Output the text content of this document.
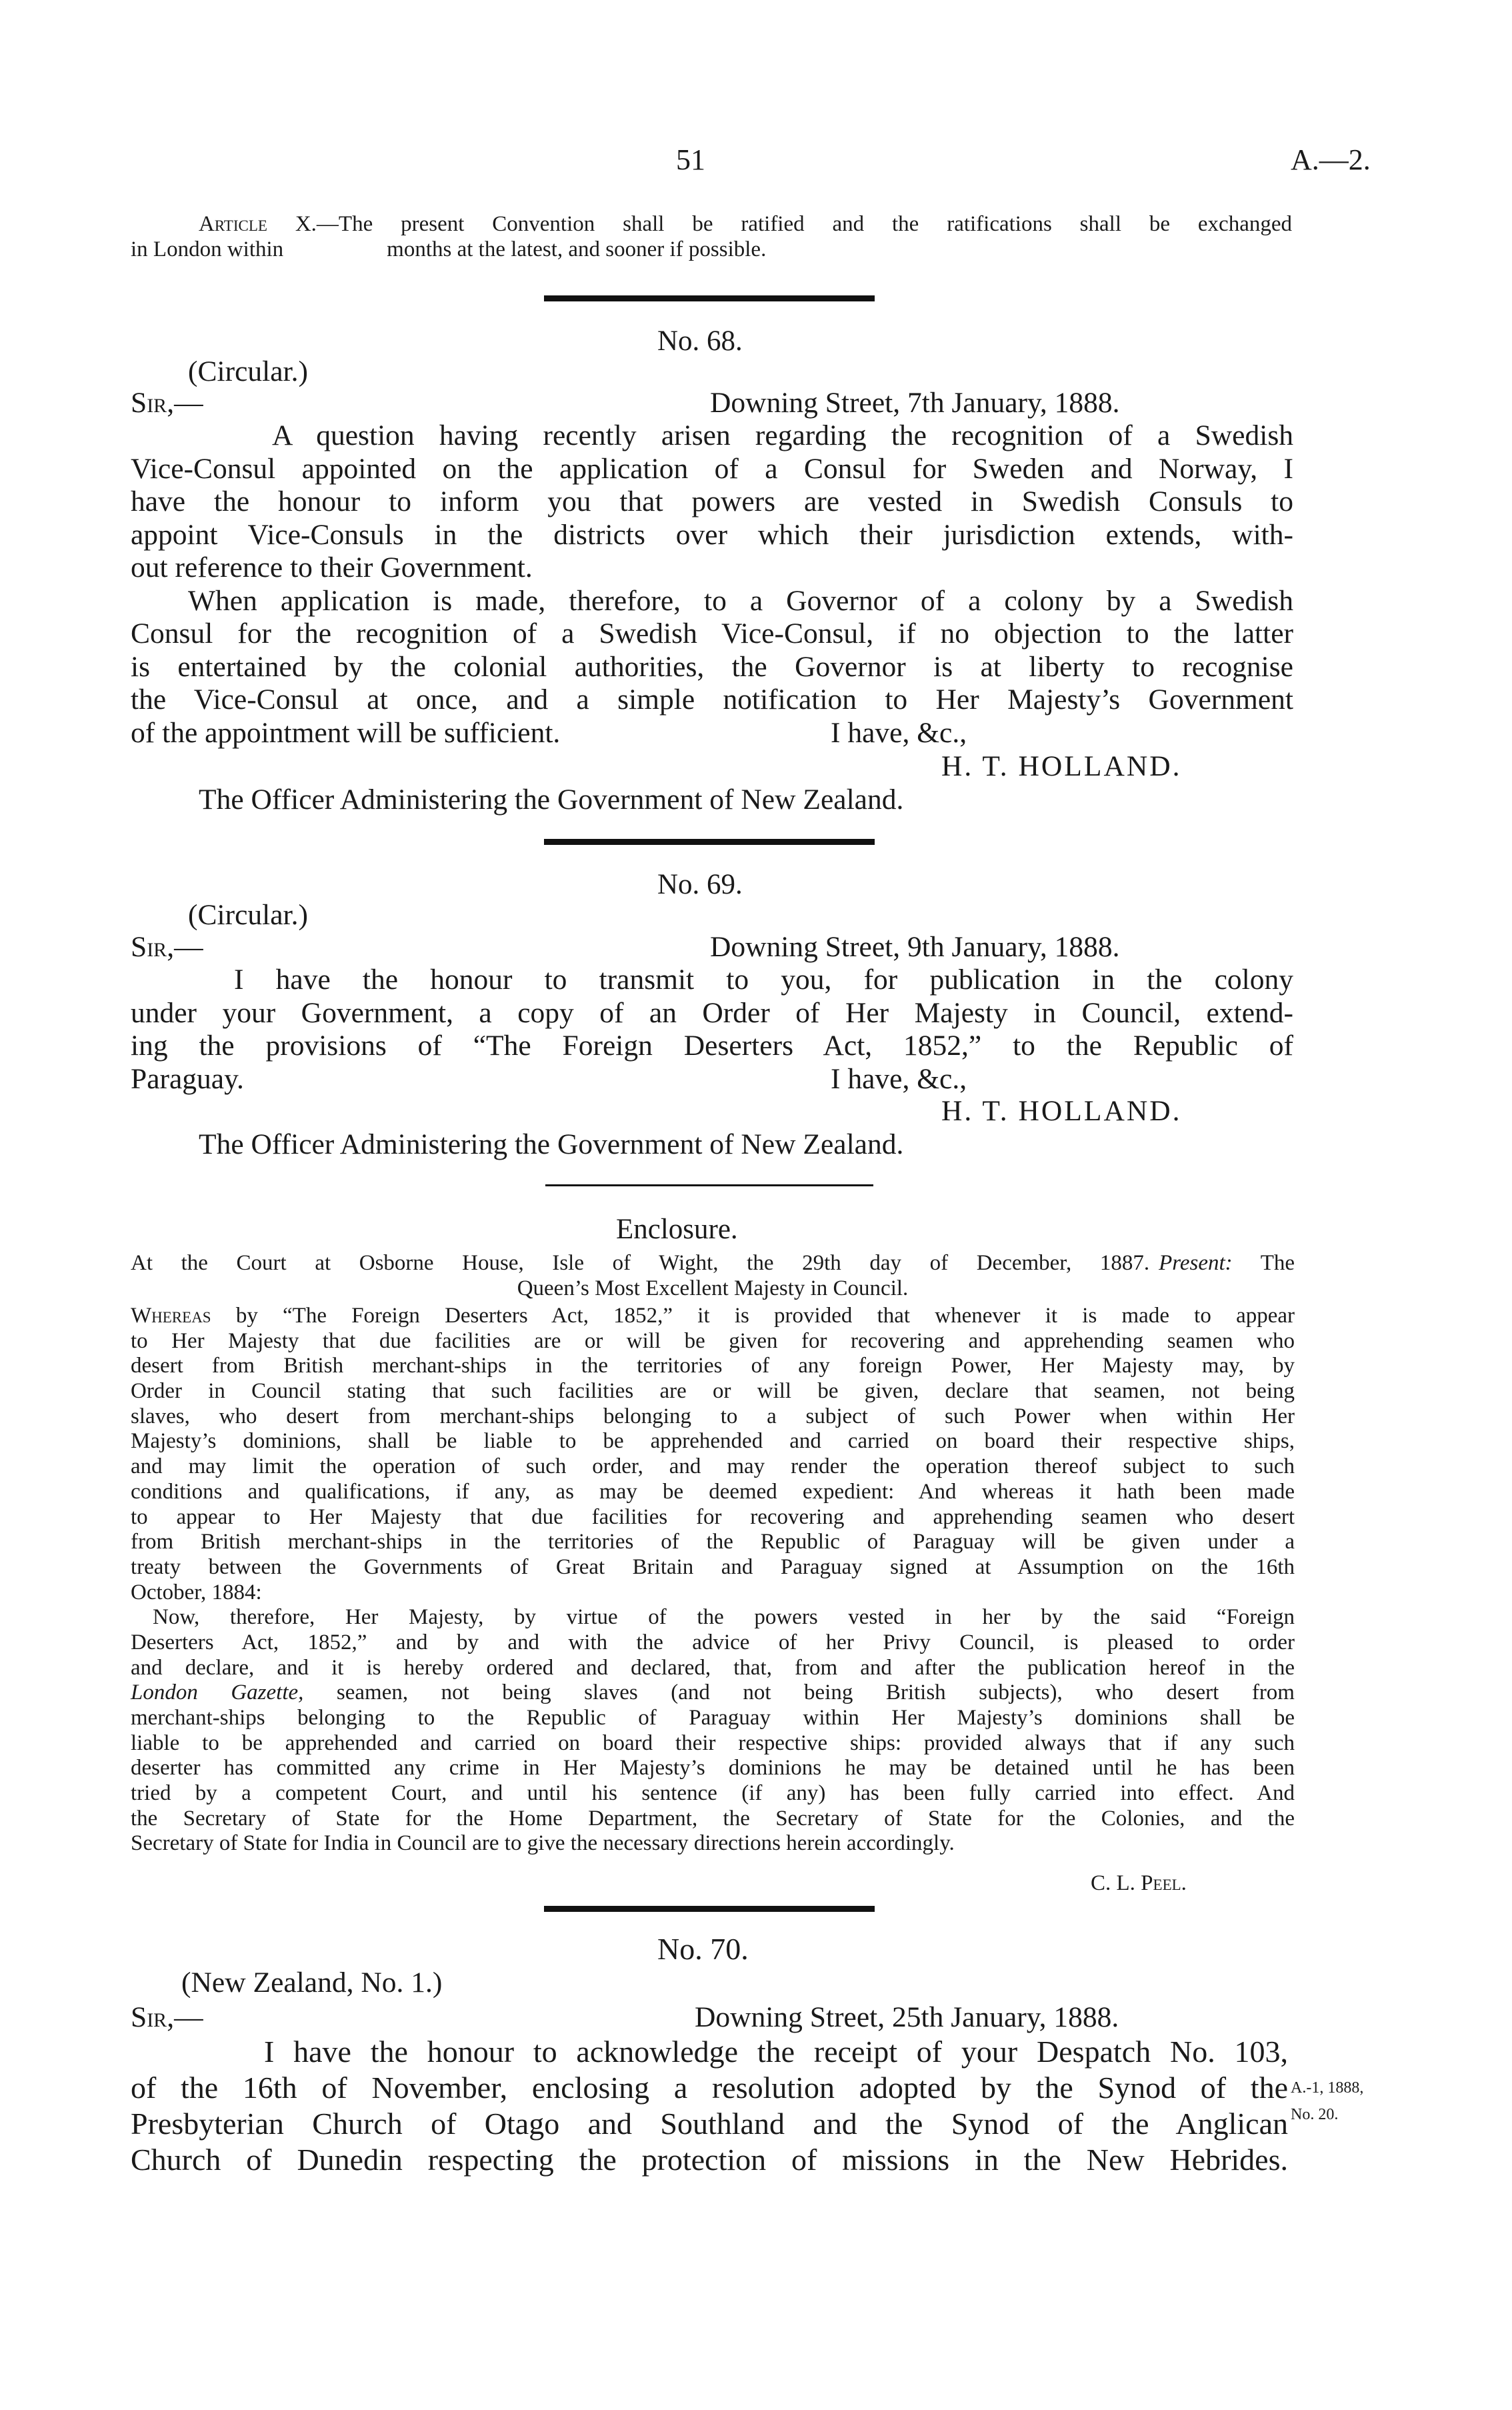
51	A.—2.
Article X.—The present Convention shall be ratified and the ratifications shall be exchanged
in London within	months at the latest, and sooner if possible.
No. 68.
(Circular.)
Sir,—	Downing Street, 7th January, 1888.
A question having recently arisen regarding the recognition of a Swedish
Vice-Consul appointed on the application of a Consul for Sweden and Norway, I
have the honour to inform you that powers are vested in Swedish Consuls to
appoint Vice-Consuls in the districts over which their jurisdiction extends, with-
out reference to their Government.
When application is made, therefore, to a Governor of a colony by a Swedish
Consul for the recognition of a Swedish Vice-Consul, if no objection to the latter
is entertained by the colonial authorities, the Governor is at liberty to recognise
the Vice-Consul at once, and a simple notification to Her Majesty’s Government
of the appointment will be sufficient.	I have, &c.,
H. T. HOLLAND.
The Officer Administering the Government of New Zealand.
No. 69.
(Circular.)
Sir,—	Downing Street, 9th January, 1888.
I have the honour to transmit to you, for publication in the colony
under your Government, a copy of an Order of Her Majesty in Council, extend-
ing the provisions of “The Foreign Deserters Act, 1852,” to the Republic of
Paraguay.	I have, &c.,
H. T. HOLLAND.
The Officer Administering the Government of New Zealand.
Enclosure.
At the Court at Osborne House, Isle of Wight, the 29th day of December, 1887. Present: The
Queen’s Most Excellent Majesty in Council.
Whereas by “The Foreign Deserters Act, 1852,” it is provided that whenever it is made to appear
to Her Majesty that due facilities are or will be given for recovering and apprehending seamen who
desert from British merchant-ships in the territories of any foreign Power, Her Majesty may, by
Order in Council stating that such facilities are or will be given, declare that seamen, not being
slaves, who desert from merchant-ships belonging to a subject of such Power when within Her
Majesty’s dominions, shall be liable to be apprehended and carried on board their respective ships,
and may limit the operation of such order, and may render the operation thereof subject to such
conditions and qualifications, if any, as may be deemed expedient: And whereas it hath been made
to appear to Her Majesty that due facilities for recovering and apprehending seamen who desert
from British merchant-ships in the territories of the Republic of Paraguay will be given under a
treaty between the Governments of Great Britain and Paraguay signed at Assumption on the 16th
October, 1884:
Now, therefore, Her Majesty, by virtue of the powers vested in her by the said “Foreign
Deserters Act, 1852,” and by and with the advice of her Privy Council, is pleased to order
and declare, and it is hereby ordered and declared, that, from and after the publication hereof in the
London Gazette, seamen, not being slaves (and not being British subjects), who desert from
merchant-ships belonging to the Republic of Paraguay within Her Majesty’s dominions shall be
liable to be apprehended and carried on board their respective ships: provided always that if any such
deserter has committed any crime in Her Majesty’s dominions he may be detained until he has been
tried by a competent Court, and until his sentence (if any) has been fully carried into effect. And
the Secretary of State for the Home Department, the Secretary of State for the Colonies, and the
Secretary of State for India in Council are to give the necessary directions herein accordingly.
C. L. Peel.
No. 70.
(New Zealand, No. 1.)
Sir,—	Downing Street, 25th January, 1888.
I have the honour to acknowledge the receipt of your Despatch No. 103,
of the 16th of November, enclosing a resolution adopted by the Synod of the
Presbyterian Church of Otago and Southland and the Synod of the Anglican
Church of Dunedin respecting the protection of missions in the New Hebrides.
A.-1, 1888,
No. 20.
